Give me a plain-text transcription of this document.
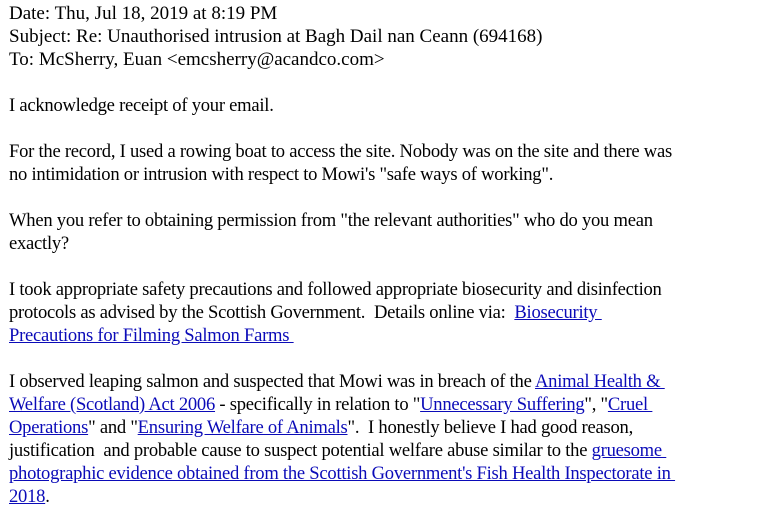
Date: Thu, Jul 18, 2019 at 8:19 PM
Subject: Re: Unauthorised intrusion at Bagh Dail nan Ceann (694168)
To: McSherry, Euan <emcsherry@acandco.com>
I acknowledge receipt of your email.
For the record, I used a rowing boat to access the site. Nobody was on the site and there was
no intimidation or intrusion with respect to Mowi's "safe ways of working".
When you refer to obtaining permission from "the relevant authorities" who do you mean
exactly?
I took appropriate safety precautions and followed appropriate biosecurity and disinfection
protocols as advised by the Scottish Government.  Details online via:  Biosecurity
Precautions for Filming Salmon Farms
I observed leaping salmon and suspected that Mowi was in breach of the Animal Health &
Welfare (Scotland) Act 2006 - specifically in relation to "Unnecessary Suffering", "Cruel
Operations" and "Ensuring Welfare of Animals".  I honestly believe I had good reason,
justification  and probable cause to suspect potential welfare abuse similar to the gruesome
photographic evidence obtained from the Scottish Government's Fish Health Inspectorate in
2018.
